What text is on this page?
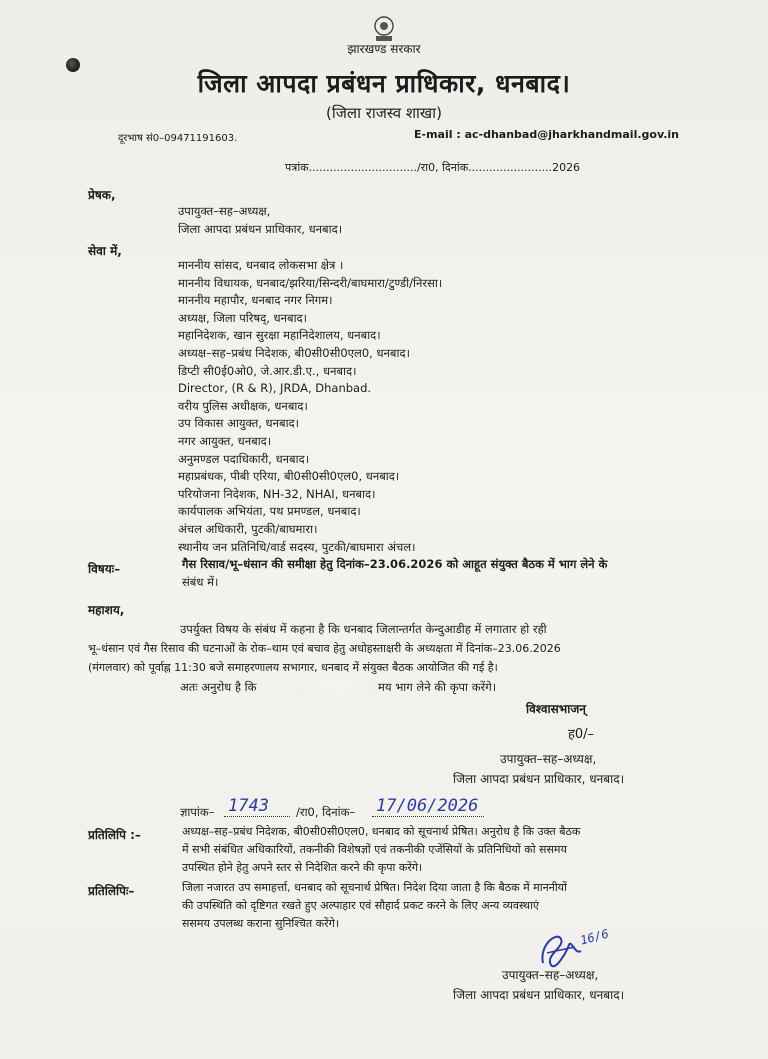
झारखण्ड सरकार
जिला आपदा प्रबंधन प्राधिकार, धनबाद।
(जिला राजस्व शाखा)
दूरभाष सं0–09471191603.	E-mail : ac-dhanbad@jharkhandmail.gov.in
पत्रांक.............................../रा0, दिनांक........................2026
प्रेषक,
उपायुक्त–सह–अध्यक्ष,
जिला आपदा प्रबंधन प्राधिकार, धनबाद।
सेवा में,
माननीय सांसद, धनबाद लोकसभा क्षेत्र ।
माननीय विधायक, धनबाद/झरिया/सिन्दरी/बाघमारा/टुण्डी/निरसा।
माननीय महापौर, धनबाद नगर निगम।
अध्यक्ष, जिला परिषद्, धनबाद।
महानिदेशक, खान सुरक्षा महानिदेशालय, धनबाद।
अध्यक्ष–सह–प्रबंध निदेशक, बी0सी0सी0एल0, धनबाद।
डिप्टी सी0ई0ओ0, जे.आर.डी.ए., धनबाद।
Director, (R & R), JRDA, Dhanbad.
वरीय पुलिस अधीक्षक, धनबाद।
उप विकास आयुक्त, धनबाद।
नगर आयुक्त, धनबाद।
अनुमण्डल पदाधिकारी, धनबाद।
महाप्रबंधक, पीबी एरिया, बी0सी0सी0एल0, धनबाद।
परियोजना निदेशक, NH-32, NHAI, धनबाद।
कार्यपालक अभियंता, पथ प्रमण्डल, धनबाद।
अंचल अधिकारी, पुटकी/बाघमारा।
स्थानीय जन प्रतिनिधि/वार्ड सदस्य, पुटकी/बाघमारा अंचल।
विषयः–	गैस रिसाव/भू–धंसान की समीक्षा हेतु दिनांक–23.06.2026 को आहूत संयुक्त बैठक में भाग लेने के
संबंध में।
महाशय,
उपर्युक्त विषय के संबंध में कहना है कि धनबाद जिलान्तर्गत केन्दुआडीह में लगातार हो रही
भू–धंसान एवं गैस रिसाव की घटनाओं के रोक–थाम एवं बचाव हेतु अधोहस्ताक्षरी के अध्यक्षता में दिनांक–23.06.2026
(मंगलवार) को पूर्वाह्न 11:30 बजे समाहरणालय सभागार, धनबाद में संयुक्त बैठक आयोजित की गई है।
अतः अनुरोध है कि	मय भाग लेने की कृपा करेंगे।
विश्वासभाजन्
ह0/–
उपायुक्त–सह–अध्यक्ष,
जिला आपदा प्रबंधन प्राधिकार, धनबाद।
ज्ञापांक– 1743 /रा0, दिनांक– 17/06/2026
प्रतिलिपि :–	अध्यक्ष–सह–प्रबंध निदेशक, बी0सी0सी0एल0, धनबाद को सूचनार्थ प्रेषित। अनुरोध है कि उक्त बैठक
में सभी संबंधित अधिकारियों, तकनीकी विशेषज्ञों एवं तकनीकी एजेंसियों के प्रतिनिधियों को ससमय
उपस्थित होने हेतु अपने स्तर से निदेशित करने की कृपा करेंगे।
प्रतिलिपिः–	जिला नजारत उप समाहर्त्ता, धनबाद को सूचनार्थ प्रेषित। निदेश दिया जाता है कि बैठक में माननीयों
की उपस्थिति को दृष्टिगत रखते हुए अल्पाहार एवं सौहार्द प्रकट करने के लिए अन्य व्यवस्थाएं
ससमय उपलब्ध कराना सुनिश्चित करेंगे।
16/6
उपायुक्त–सह–अध्यक्ष,
जिला आपदा प्रबंधन प्राधिकार, धनबाद।
